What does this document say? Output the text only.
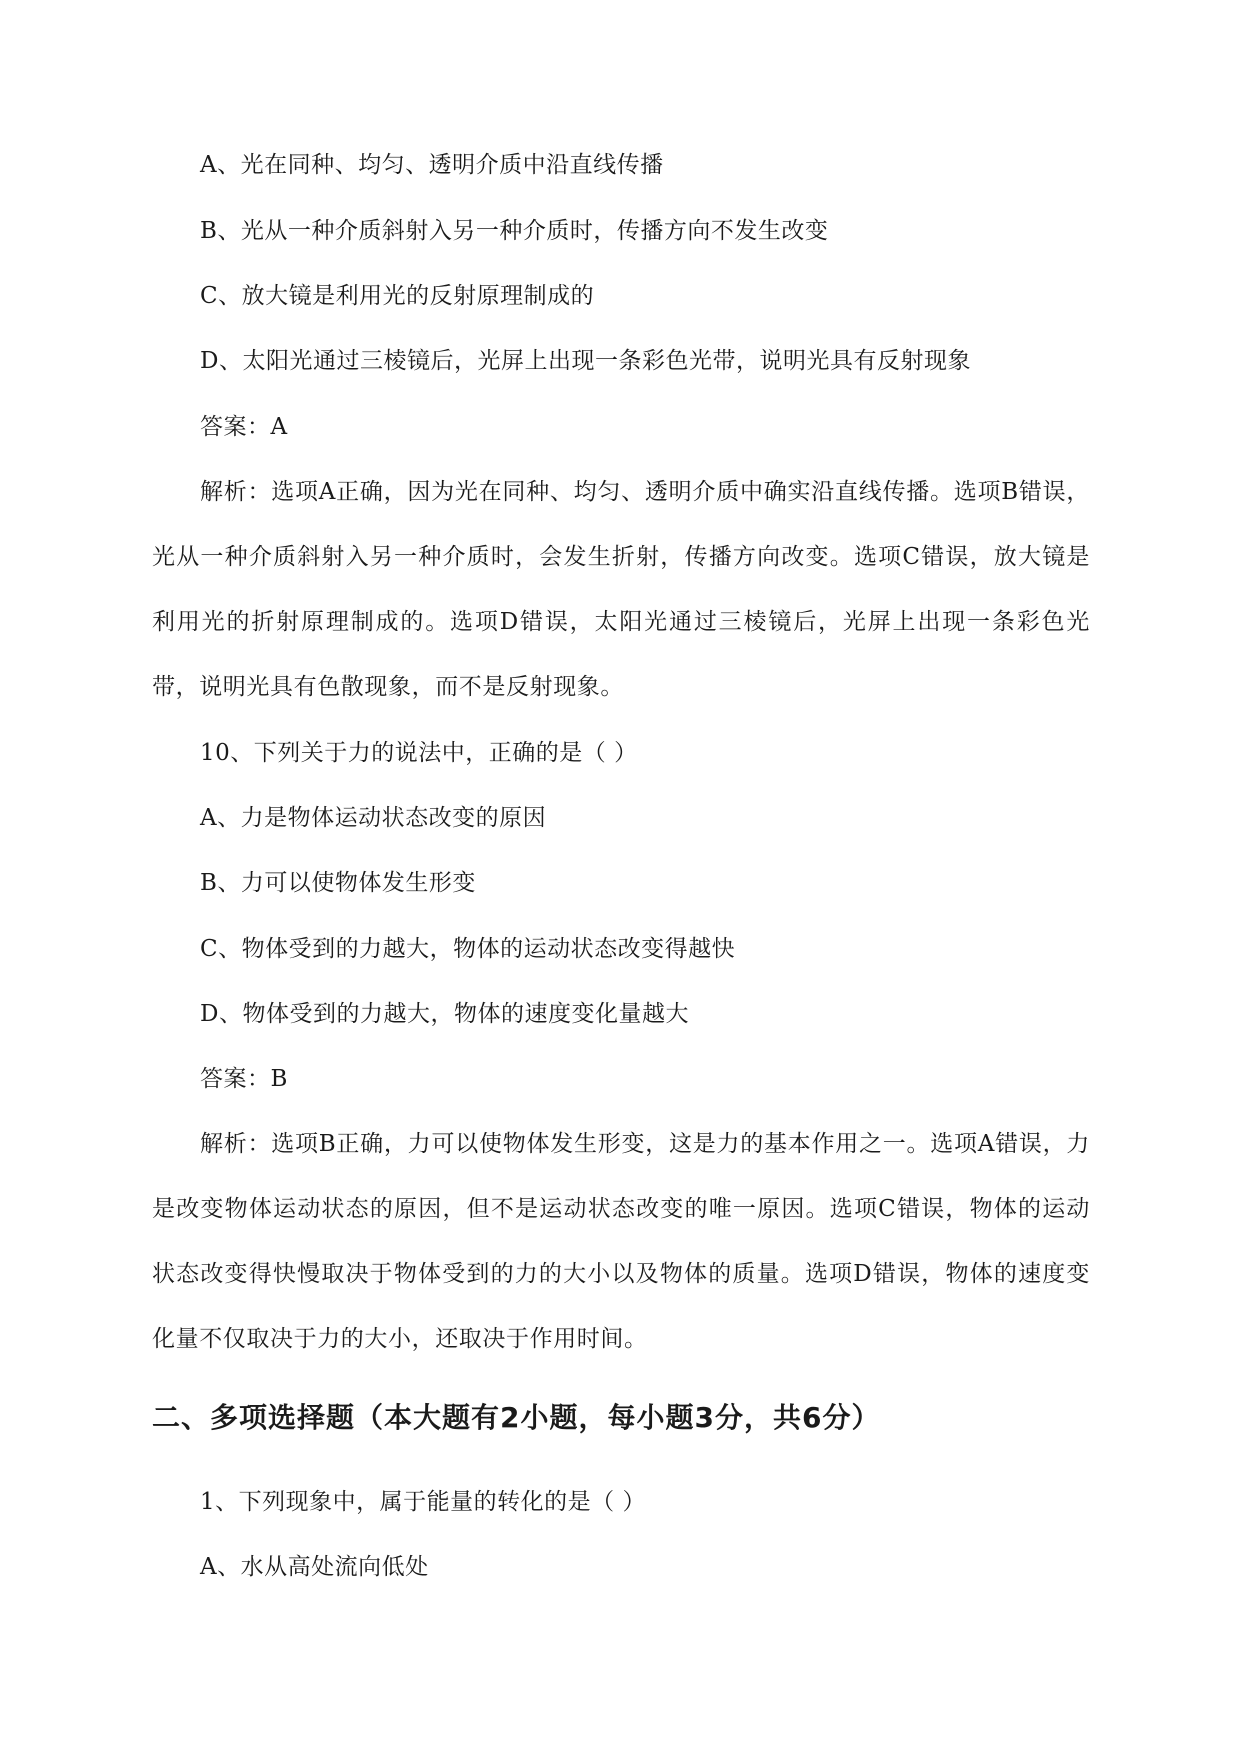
A、光在同种、均匀、透明介质中沿直线传播
B、光从一种介质斜射入另一种介质时，传播方向不发生改变
C、放大镜是利用光的反射原理制成的
D、太阳光通过三棱镜后，光屏上出现一条彩色光带，说明光具有反射现象
答案：A
解析：选项A正确，因为光在同种、均匀、透明介质中确实沿直线传播。选项B错误，光从一种介质斜射入另一种介质时，会发生折射，传播方向改变。选项C错误，放大镜是利用光的折射原理制成的。选项D错误，太阳光通过三棱镜后，光屏上出现一条彩色光带，说明光具有色散现象，而不是反射现象。
10、下列关于力的说法中，正确的是（ ）
A、力是物体运动状态改变的原因
B、力可以使物体发生形变
C、物体受到的力越大，物体的运动状态改变得越快
D、物体受到的力越大，物体的速度变化量越大
答案：B
解析：选项B正确，力可以使物体发生形变，这是力的基本作用之一。选项A错误，力是改变物体运动状态的原因，但不是运动状态改变的唯一原因。选项C错误，物体的运动状态改变得快慢取决于物体受到的力的大小以及物体的质量。选项D错误，物体的速度变化量不仅取决于力的大小，还取决于作用时间。
二、多项选择题（本大题有2小题，每小题3分，共6分）
1、下列现象中，属于能量的转化的是（ ）
A、水从高处流向低处
